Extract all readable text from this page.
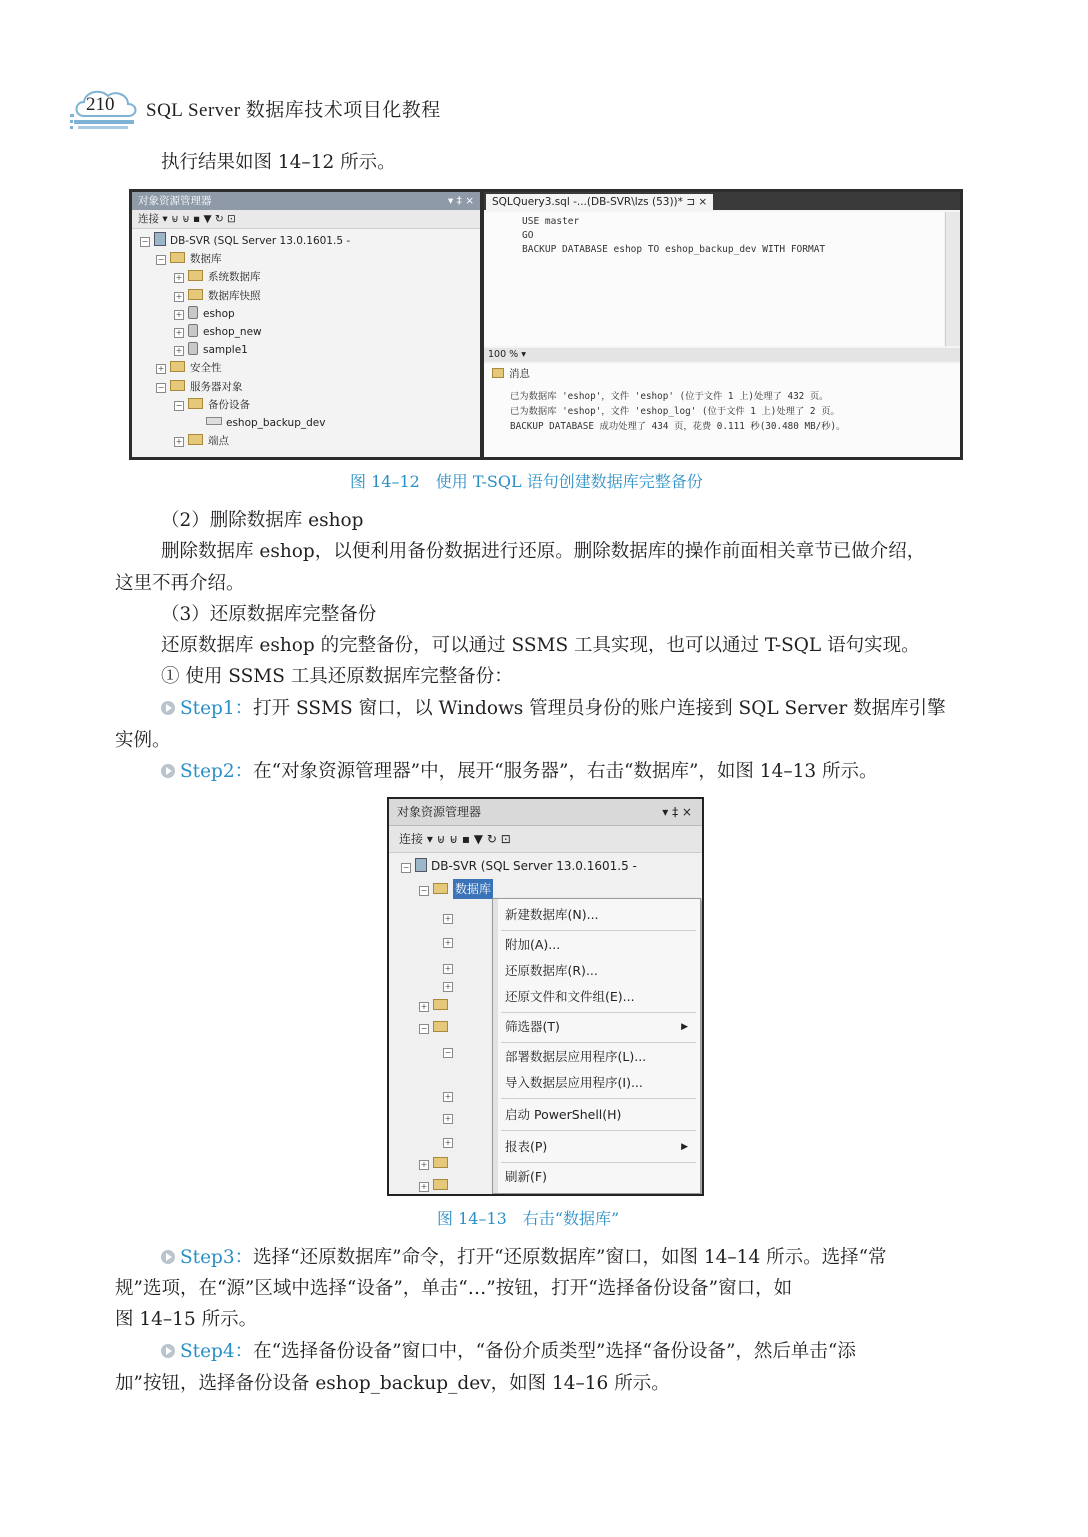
210 SQL Server 数据库技术项目化教程
执行结果如图 14–12 所示。
对象资源管理器	▾ ‡ ×
连接 ▾ ⊌ ⊌ ▪ ▼ ↻ ⊡
− DB-SVR (SQL Server 13.0.1601.5 -
− 数据库
+ 系统数据库
+ 数据库快照
+ eshop
+ eshop_new
+ sample1
+ 安全性
− 服务器对象
− 备份设备
eshop_backup_dev
+ 端点
SQLQuery3.sql -...(DB-SVR\lzs (53))* ⊐ ×
USE master
GO
BACKUP DATABASE eshop TO eshop_backup_dev WITH FORMAT
100 % ▾
消息
已为数据库 'eshop'，文件 'eshop' (位于文件 1 上)处理了 432 页。
已为数据库 'eshop'，文件 'eshop_log' (位于文件 1 上)处理了 2 页。
BACKUP DATABASE 成功处理了 434 页，花费 0.111 秒(30.480 MB/秒)。
图 14–12　使用 T-SQL 语句创建数据库完整备份
（2）删除数据库 eshop
删除数据库 eshop，以便利用备份数据进行还原。删除数据库的操作前面相关章节已做介绍，
这里不再介绍。
（3）还原数据库完整备份
还原数据库 eshop 的完整备份，可以通过 SSMS 工具实现，也可以通过 T-SQL 语句实现。
① 使用 SSMS 工具还原数据库完整备份：
Step1：打开 SSMS 窗口，以 Windows 管理员身份的账户连接到 SQL Server 数据库引擎
实例。
Step2：在“对象资源管理器”中，展开“服务器”，右击“数据库”，如图 14–13 所示。
对象资源管理器	▾ ‡ ×
连接 ▾ ⊌ ⊌ ▪ ▼ ↻ ⊡
− DB-SVR (SQL Server 13.0.1601.5 -
− 数据库
+
+
+
+
+
−
−
+
+
+
+
+
新建数据库(N)...
附加(A)...
还原数据库(R)...
还原文件和文件组(E)...
筛选器(T)	▶
部署数据层应用程序(L)...
导入数据层应用程序(I)...
启动 PowerShell(H)
报表(P)	▶
刷新(F)
图 14–13　右击“数据库”
Step3：选择“还原数据库”命令，打开“还原数据库”窗口，如图 14–14 所示。选择“常
规”选项，在“源”区域中选择“设备”，单击“…”按钮，打开“选择备份设备”窗口，如
图 14–15 所示。
Step4：在“选择备份设备”窗口中，“备份介质类型”选择“备份设备”，然后单击“添
加”按钮，选择备份设备 eshop_backup_dev，如图 14–16 所示。
